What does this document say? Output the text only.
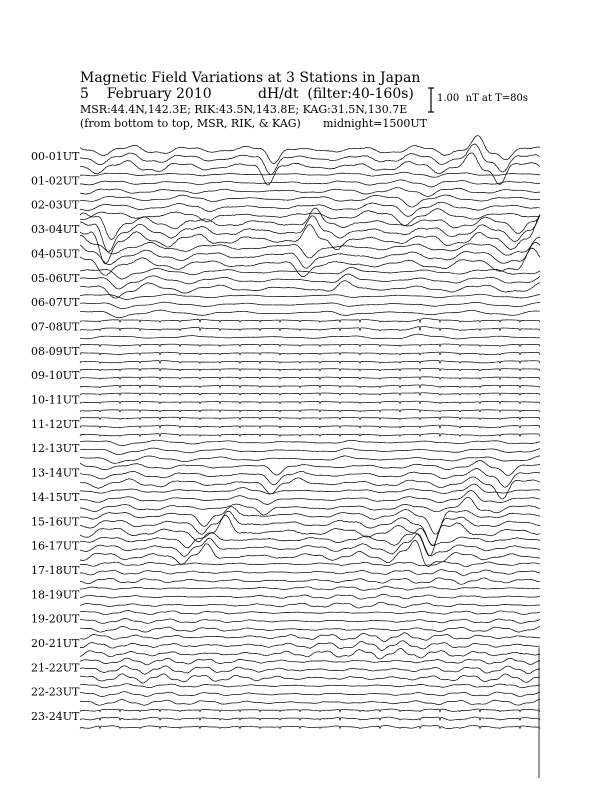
Magnetic Field Variations at 3 Stations in Japan
5    February 2010	dH/dt  (filter:40-160s)
MSR:44.4N,142.3E; RIK:43.5N,143.8E; KAG:31.5N,130.7E
(from bottom to top, MSR, RIK, & KAG) midnight=1500UT
1.00  nT at T=80s
00-01UT
01-02UT
02-03UT
03-04UT
04-05UT
05-06UT
06-07UT
07-08UT
08-09UT
09-10UT
10-11UT
11-12UT
12-13UT
13-14UT
14-15UT
15-16UT
16-17UT
17-18UT
18-19UT
19-20UT
20-21UT
21-22UT
22-23UT
23-24UT
